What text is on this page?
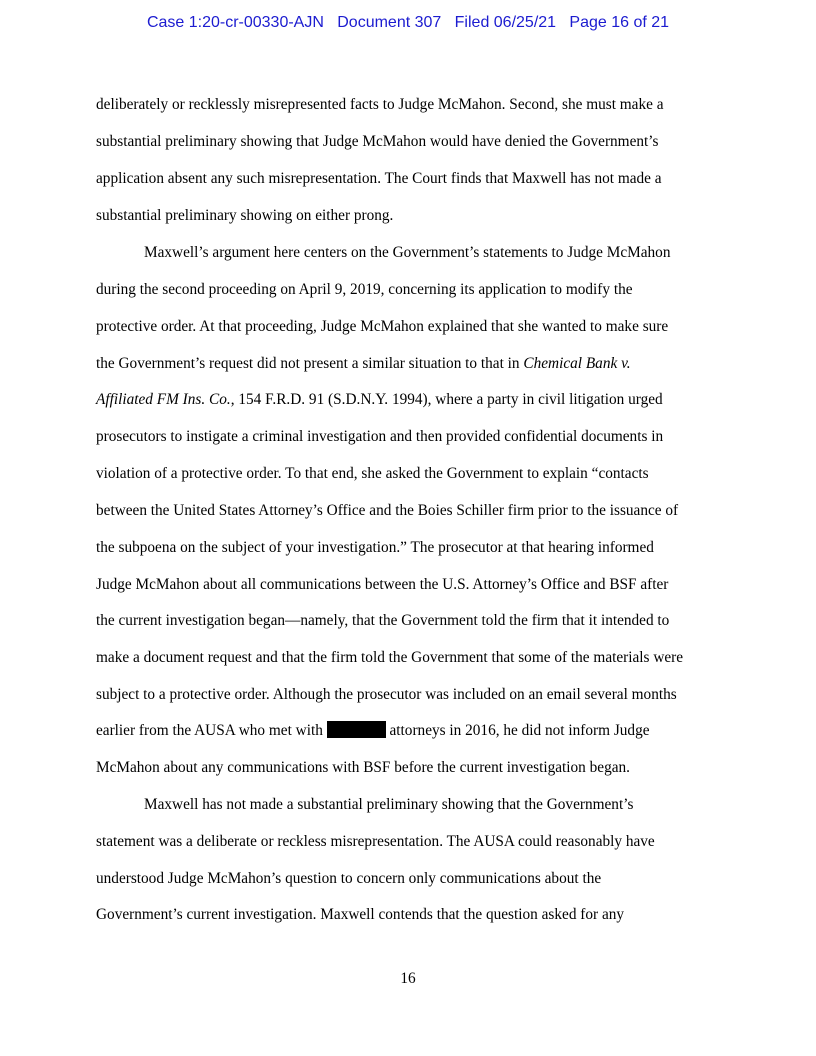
Case 1:20-cr-00330-AJN Document 307 Filed 06/25/21 Page 16 of 21
deliberately or recklessly misrepresented facts to Judge McMahon. Second, she must make a
substantial preliminary showing that Judge McMahon would have denied the Government’s
application absent any such misrepresentation. The Court finds that Maxwell has not made a
substantial preliminary showing on either prong.
Maxwell’s argument here centers on the Government’s statements to Judge McMahon
during the second proceeding on April 9, 2019, concerning its application to modify the
protective order. At that proceeding, Judge McMahon explained that she wanted to make sure
the Government’s request did not present a similar situation to that in Chemical Bank v.
Affiliated FM Ins. Co., 154 F.R.D. 91 (S.D.N.Y. 1994), where a party in civil litigation urged
prosecutors to instigate a criminal investigation and then provided confidential documents in
violation of a protective order. To that end, she asked the Government to explain “contacts
between the United States Attorney’s Office and the Boies Schiller firm prior to the issuance of
the subpoena on the subject of your investigation.” The prosecutor at that hearing informed
Judge McMahon about all communications between the U.S. Attorney’s Office and BSF after
the current investigation began—namely, that the Government told the firm that it intended to
make a document request and that the firm told the Government that some of the materials were
subject to a protective order. Although the prosecutor was included on an email several months
earlier from the AUSA who met with	attorneys in 2016, he did not inform Judge
McMahon about any communications with BSF before the current investigation began.
Maxwell has not made a substantial preliminary showing that the Government’s
statement was a deliberate or reckless misrepresentation. The AUSA could reasonably have
understood Judge McMahon’s question to concern only communications about the
Government’s current investigation. Maxwell contends that the question asked for any
16
